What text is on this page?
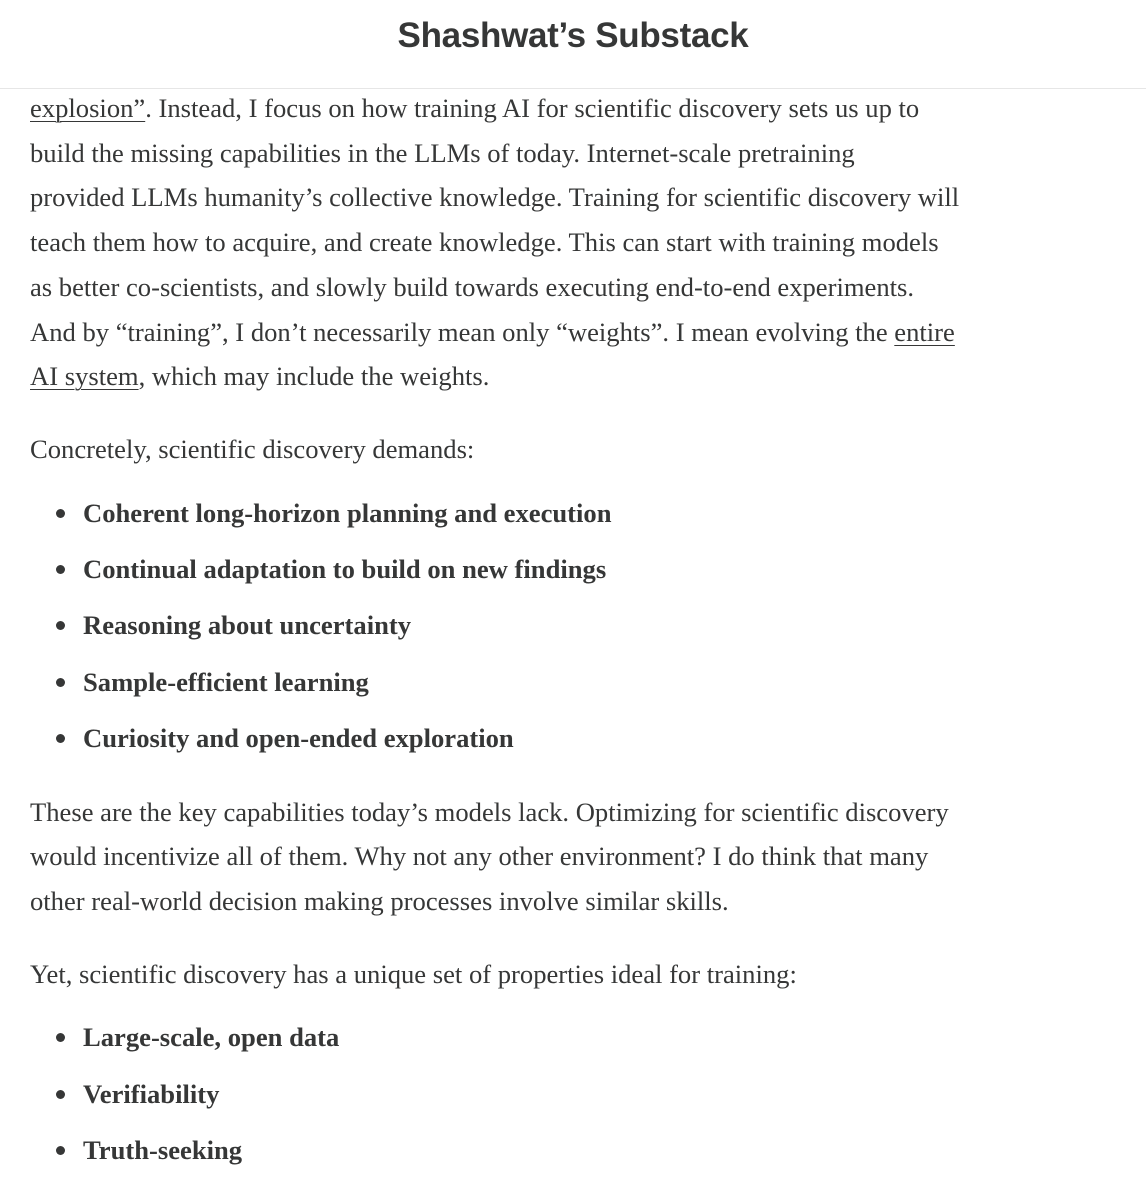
Shashwat’s Substack

explosion”. Instead, I focus on how training AI for scientific discovery sets us up to
build the missing capabilities in the LLMs of today. Internet-scale pretraining
provided LLMs humanity’s collective knowledge. Training for scientific discovery will
teach them how to acquire, and create knowledge. This can start with training models
as better co-scientists, and slowly build towards executing end-to-end experiments.
And by “training”, I don’t necessarily mean only “weights”. I mean evolving the entire
AI system, which may include the weights.

Concretely, scientific discovery demands:

Coherent long-horizon planning and execution
Continual adaptation to build on new findings
Reasoning about uncertainty
Sample-efficient learning
Curiosity and open-ended exploration

These are the key capabilities today’s models lack. Optimizing for scientific discovery
would incentivize all of them. Why not any other environment? I do think that many
other real-world decision making processes involve similar skills.

Yet, scientific discovery has a unique set of properties ideal for training:

Large-scale, open data
Verifiability
Truth-seeking
